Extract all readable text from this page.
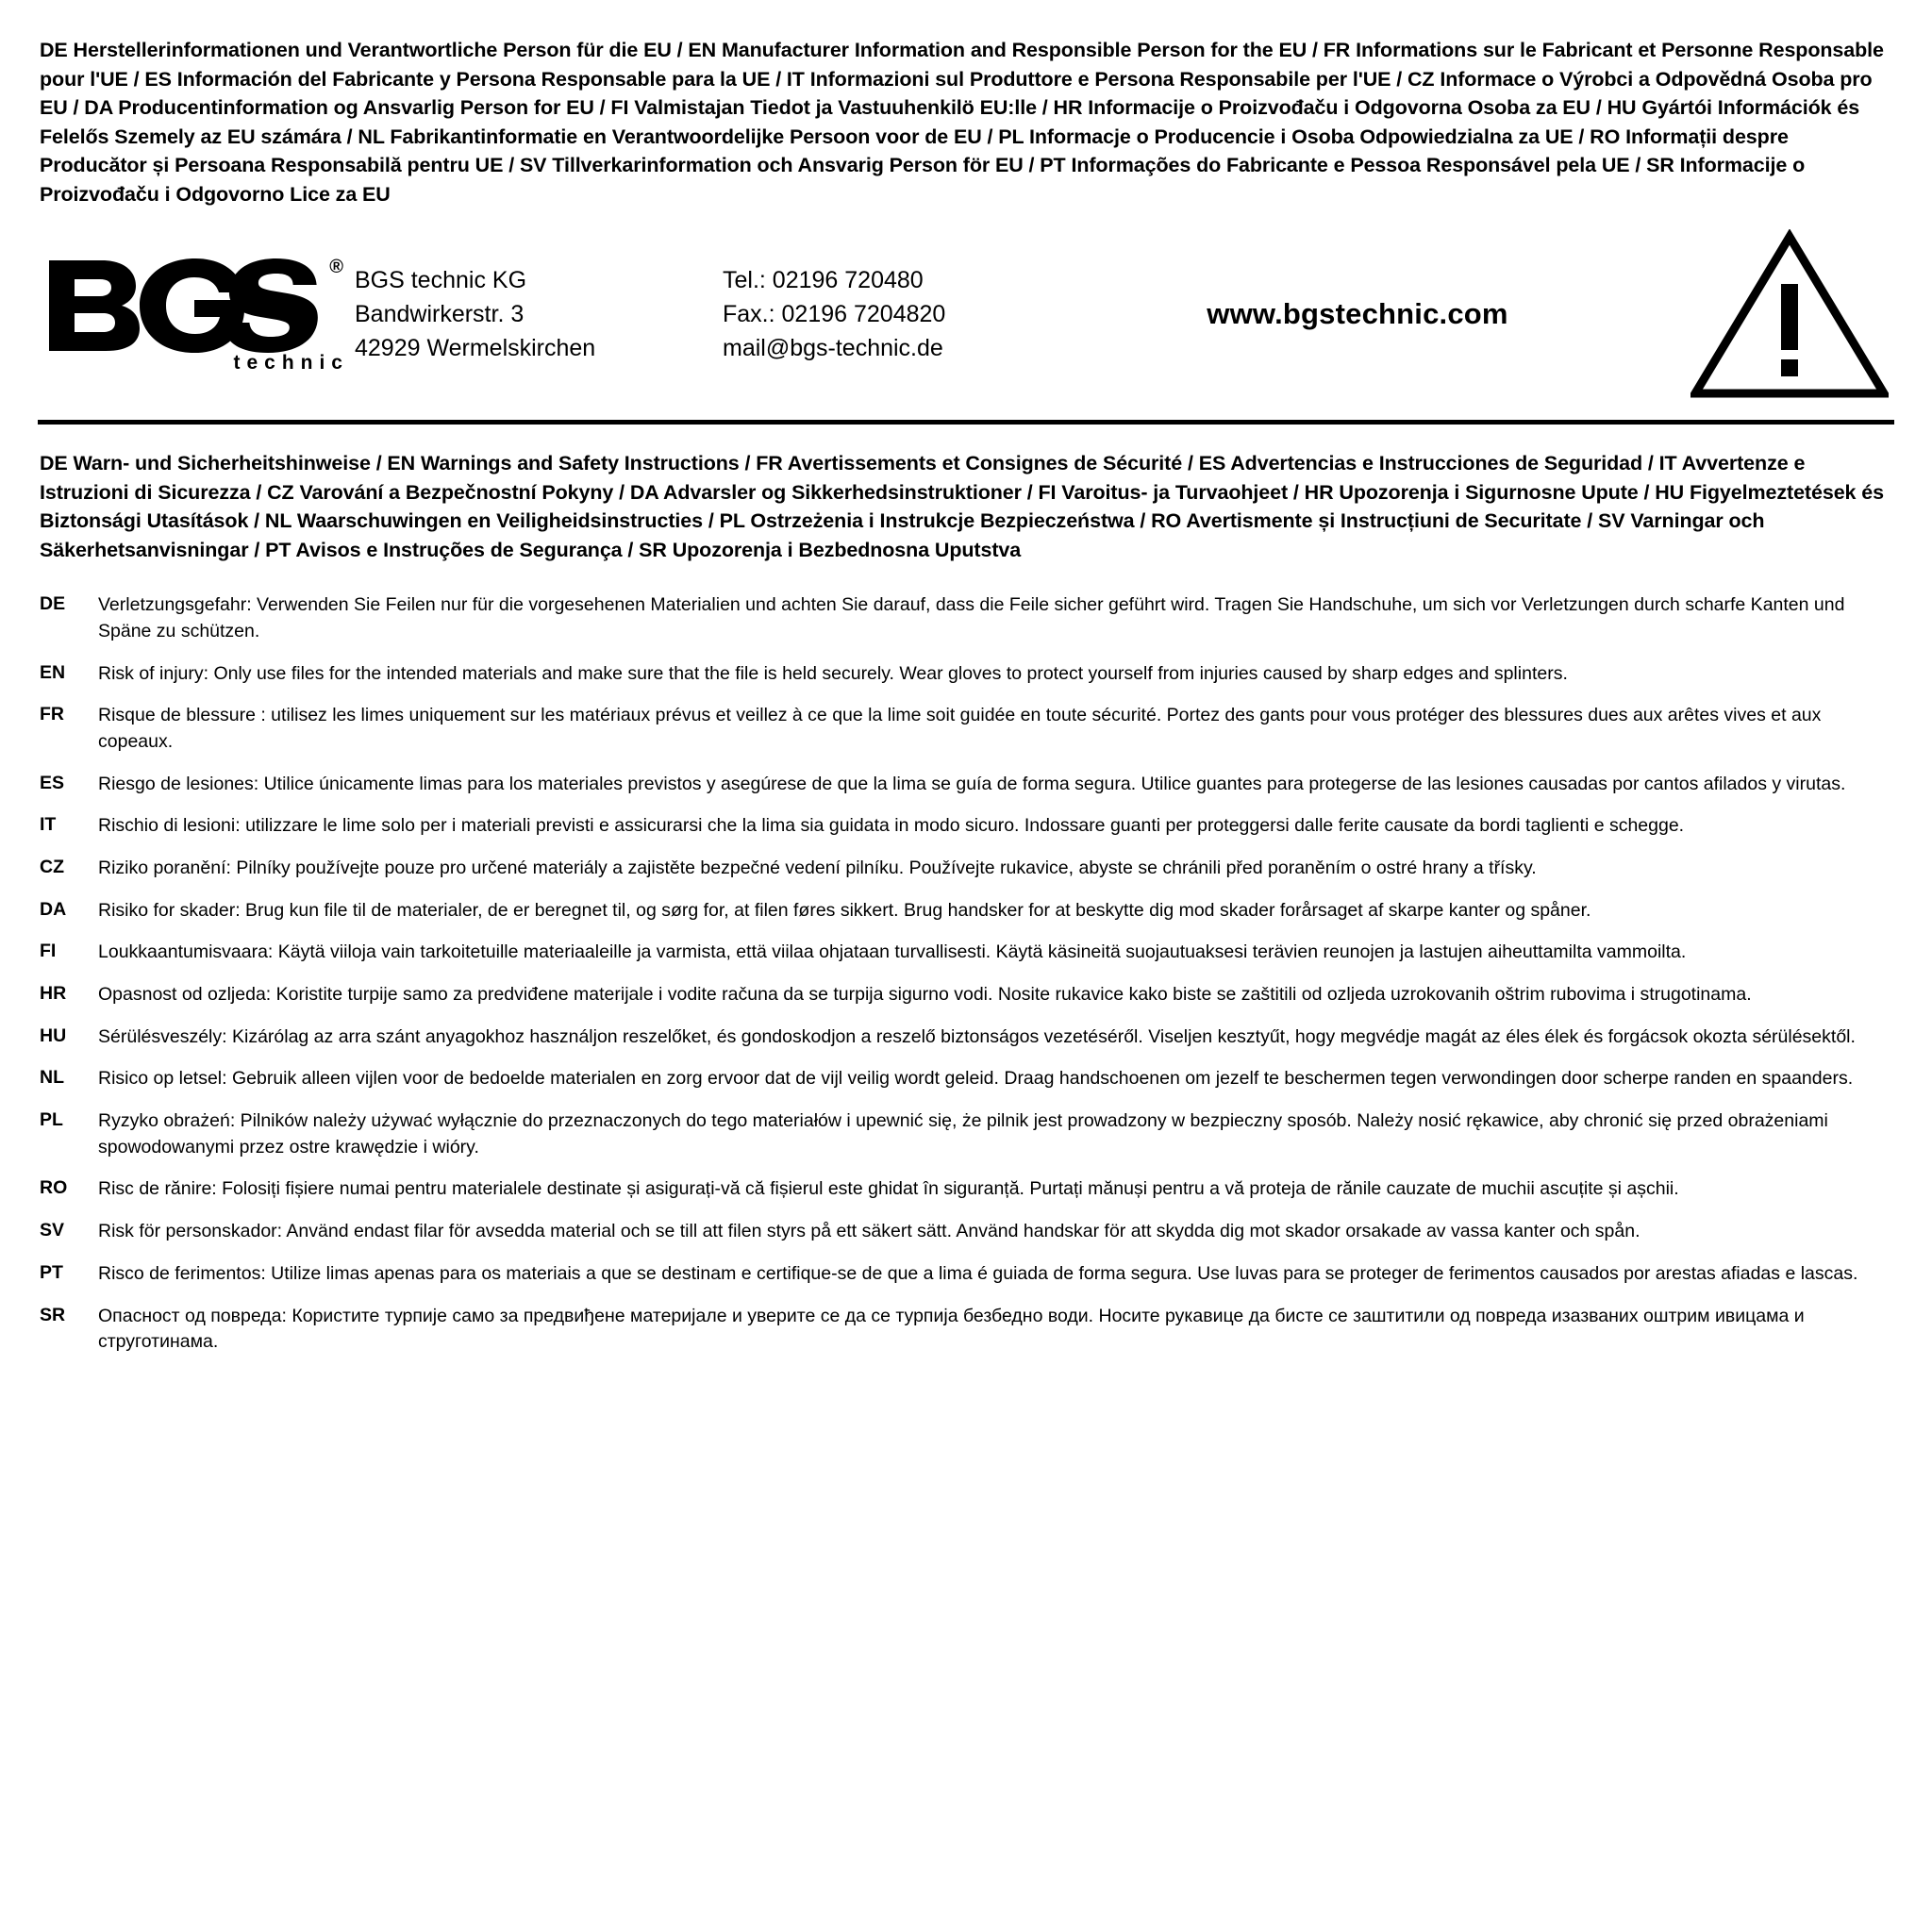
DE Herstellerinformationen und Verantwortliche Person für die EU / EN Manufacturer Information and Responsible Person for the EU / FR Informations sur le Fabricant et Personne Responsable pour l'UE / ES Información del Fabricante y Persona Responsable para la UE / IT Informazioni sul Produttore e Persona Responsabile per l'UE / CZ Informace o Výrobci a Odpovědná Osoba pro EU / DA Producentinformation og Ansvarlig Person for EU / FI Valmistajan Tiedot ja Vastuuhenkilö EU:lle / HR Informacije o Proizvođaču i Odgovorna Osoba za EU / HU Gyártói Információk és Felelős Szemely az EU számára / NL Fabrikantinformatie en Verantwoordelijke Persoon voor de EU / PL Informacje o Producencie i Osoba Odpowiedzialna za UE / RO Informații despre Producător și Persoana Responsabilă pentru UE / SV Tillverkarinformation och Ansvarig Person för EU / PT Informações do Fabricante e Pessoa Responsável pela UE / SR Informacije o Proizvođaču i Odgovorno Lice za EU
®
technic
BGS technic KG
Bandwirkerstr. 3
42929 Wermelskirchen
Tel.: 02196 720480
Fax.: 02196 7204820
mail@bgs-technic.de
www.bgstechnic.com
DE Warn- und Sicherheitshinweise / EN Warnings and Safety Instructions / FR Avertissements et Consignes de Sécurité / ES Advertencias e Instrucciones de Seguridad / IT Avvertenze e Istruzioni di Sicurezza / CZ Varování a Bezpečnostní Pokyny / DA Advarsler og Sikkerhedsinstruktioner / FI Varoitus- ja Turvaohjeet / HR Upozorenja i Sigurnosne Upute / HU Figyelmeztetések és Biztonsági Utasítások / NL Waarschuwingen en Veiligheidsinstructies / PL Ostrzeżenia i Instrukcje Bezpieczeństwa / RO Avertismente și Instrucțiuni de Securitate / SV Varningar och Säkerhetsanvisningar / PT Avisos e Instruções de Segurança / SR Upozorenja i Bezbednosna Uputstva
DE	Verletzungsgefahr: Verwenden Sie Feilen nur für die vorgesehenen Materialien und achten Sie darauf, dass die Feile sicher geführt wird. Tragen Sie Handschuhe, um sich vor Verletzungen durch scharfe Kanten und Späne zu schützen.
EN	Risk of injury: Only use files for the intended materials and make sure that the file is held securely. Wear gloves to protect yourself from injuries caused by sharp edges and splinters.
FR	Risque de blessure : utilisez les limes uniquement sur les matériaux prévus et veillez à ce que la lime soit guidée en toute sécurité. Portez des gants pour vous protéger des blessures dues aux arêtes vives et aux copeaux.
ES	Riesgo de lesiones: Utilice únicamente limas para los materiales previstos y asegúrese de que la lima se guía de forma segura. Utilice guantes para protegerse de las lesiones causadas por cantos afilados y virutas.
IT	Rischio di lesioni: utilizzare le lime solo per i materiali previsti e assicurarsi che la lima sia guidata in modo sicuro. Indossare guanti per proteggersi dalle ferite causate da bordi taglienti e schegge.
CZ	Riziko poranění: Pilníky používejte pouze pro určené materiály a zajistěte bezpečné vedení pilníku. Používejte rukavice, abyste se chránili před poraněním o ostré hrany a třísky.
DA	Risiko for skader: Brug kun file til de materialer, de er beregnet til, og sørg for, at filen føres sikkert. Brug handsker for at beskytte dig mod skader forårsaget af skarpe kanter og spåner.
FI	Loukkaantumisvaara: Käytä viiloja vain tarkoitetuille materiaaleille ja varmista, että viilaa ohjataan turvallisesti. Käytä käsineitä suojautuaksesi terävien reunojen ja lastujen aiheuttamilta vammoilta.
HR	Opasnost od ozljeda: Koristite turpije samo za predviđene materijale i vodite računa da se turpija sigurno vodi. Nosite rukavice kako biste se zaštitili od ozljeda uzrokovanih oštrim rubovima i strugotinama.
HU	Sérülésveszély: Kizárólag az arra szánt anyagokhoz használjon reszelőket, és gondoskodjon a reszelő biztonságos vezetéséről. Viseljen kesztyűt, hogy megvédje magát az éles élek és forgácsok okozta sérülésektől.
NL	Risico op letsel: Gebruik alleen vijlen voor de bedoelde materialen en zorg ervoor dat de vijl veilig wordt geleid. Draag handschoenen om jezelf te beschermen tegen verwondingen door scherpe randen en spaanders.
PL	Ryzyko obrażeń: Pilników należy używać wyłącznie do przeznaczonych do tego materiałów i upewnić się, że pilnik jest prowadzony w bezpieczny sposób. Należy nosić rękawice, aby chronić się przed obrażeniami spowodowanymi przez ostre krawędzie i wióry.
RO	Risc de rănire: Folosiți fișiere numai pentru materialele destinate și asigurați-vă că fișierul este ghidat în siguranță. Purtați mănuși pentru a vă proteja de rănile cauzate de muchii ascuțite și așchii.
SV	Risk för personskador: Använd endast filar för avsedda material och se till att filen styrs på ett säkert sätt. Använd handskar för att skydda dig mot skador orsakade av vassa kanter och spån.
PT	Risco de ferimentos: Utilize limas apenas para os materiais a que se destinam e certifique-se de que a lima é guiada de forma segura. Use luvas para se proteger de ferimentos causados por arestas afiadas e lascas.
SR	Опасност од повреда: Користите турпије само за предвиђене материјале и уверите се да се турпија безбедно води. Носите рукавице да бисте се заштитили од повреда изазваних оштрим ивицама и струготинама.
